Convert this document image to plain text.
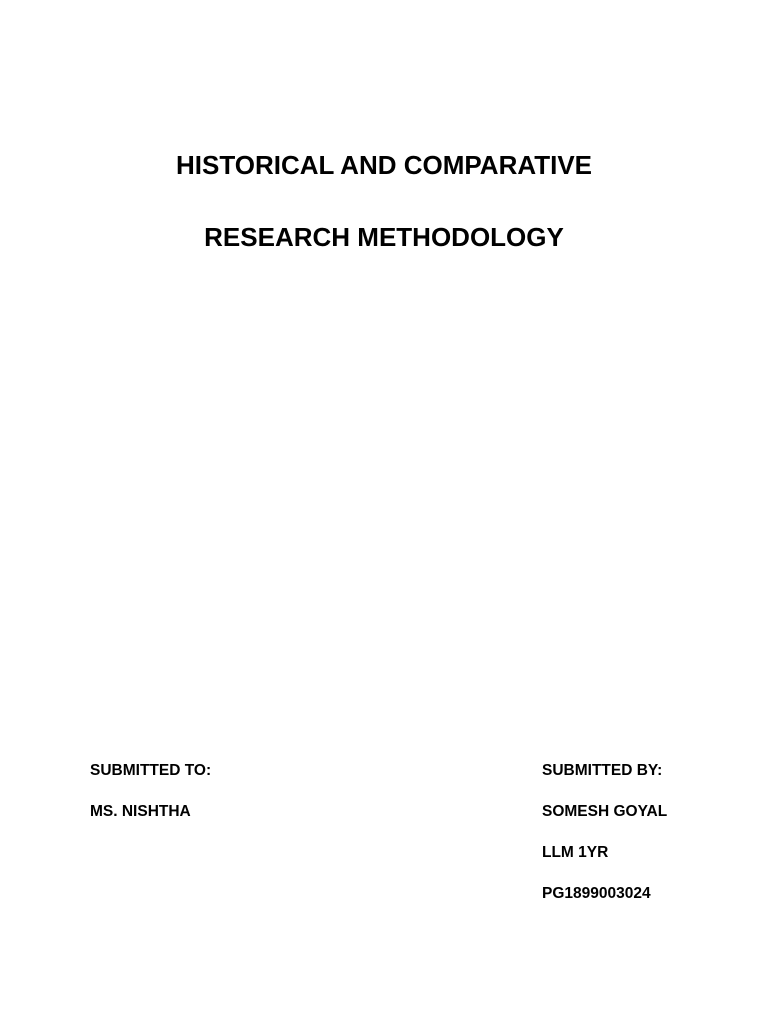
HISTORICAL AND COMPARATIVE

RESEARCH METHODOLOGY

SUBMITTED TO:

MS. NISHTHA

SUBMITTED BY:

SOMESH GOYAL

LLM 1YR

PG1899003024
